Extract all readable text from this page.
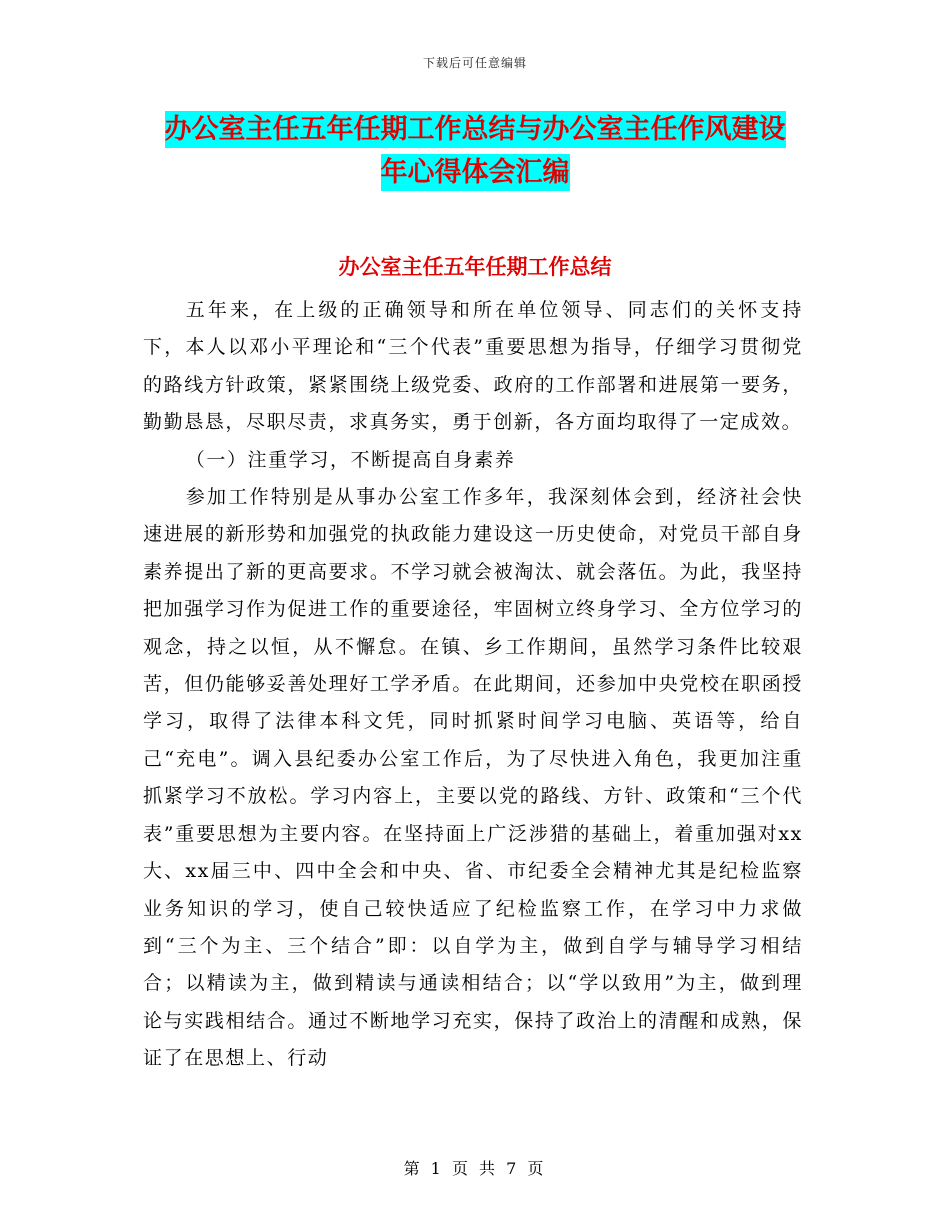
下载后可任意编辑
办公室主任五年任期工作总结与办公室主任作风建设
年心得体会汇编
办公室主任五年任期工作总结

五年来，在上级的正确领导和所在单位领导、同志们的关怀支持下，本人以邓小平理论和“三个代表”重要思想为指导，仔细学习贯彻党的路线方针政策，紧紧围绕上级党委、政府的工作部署和进展第一要务，勤勤恳恳，尽职尽责，求真务实，勇于创新，各方面均取得了一定成效。

（一）注重学习，不断提高自身素养

参加工作特别是从事办公室工作多年，我深刻体会到，经济社会快速进展的新形势和加强党的执政能力建设这一历史使命，对党员干部自身素养提出了新的更高要求。不学习就会被淘汰、就会落伍。为此，我坚持把加强学习作为促进工作的重要途径，牢固树立终身学习、全方位学习的观念，持之以恒，从不懈怠。在镇、乡工作期间，虽然学习条件比较艰苦，但仍能够妥善处理好工学矛盾。在此期间，还参加中央党校在职函授学习，取得了法律本科文凭，同时抓紧时间学习电脑、英语等，给自己“充电”。调入县纪委办公室工作后，为了尽快进入角色，我更加注重抓紧学习不放松。学习内容上，主要以党的路线、方针、政策和“三个代表”重要思想为主要内容。在坚持面上广泛涉猎的基础上，着重加强对xx大、xx届三中、四中全会和中央、省、市纪委全会精神尤其是纪检监察业务知识的学习，使自己较快适应了纪检监察工作，在学习中力求做到“三个为主、三个结合”即：以自学为主，做到自学与辅导学习相结合；以精读为主，做到精读与通读相结合；以“学以致用”为主，做到理论与实践相结合。通过不断地学习充实，保持了政治上的清醒和成熟，保证了在思想上、行动

第 1 页 共 7 页
